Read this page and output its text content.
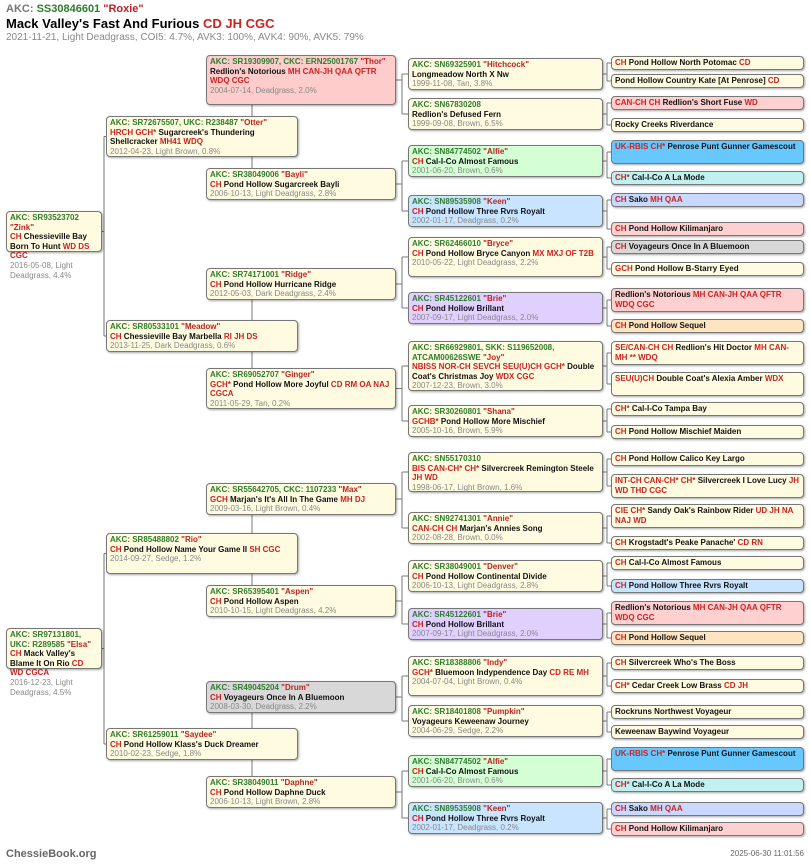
AKC: SS30846601 "Roxie"
Mack Valley's Fast And Furious CD JH CGC
2021-11-21, Light Deadgrass, COI5: 4.7%, AVK3: 100%, AVK4: 90%, AVK5: 79%
AKC: SR93523702 "Zink"
CH Chessieville Bay Born To Hunt WD DS CGC
2016-05-08, Light Deadgrass, 4.4%
AKC: SR72675507, UKC: R238487 "Otter"
HRCH GCH* Sugarcreek's Thundering Shellcracker MH41 WDQ
2012-04-23, Light Brown, 0.8%
AKC: SR19309907, CKC: ERN25001767 "Thor"
Redlion's Notorious MH CAN-JH QAA QFTR WDQ CGC
2004-07-14, Deadgrass, 2.0%
AKC: SN69325901 "Hitchcock"
Longmeadow North X Nw
1999-11-08, Tan, 3.8%
CH Pond Hollow North Potomac CD
Pond Hollow Country Kate [At Penrose] CD
AKC: SN67830208
Redlion's Defused Fern
1999-09-08, Brown, 6.5%
CAN-CH CH Redlion's Short Fuse WD
Rocky Creeks Riverdance
AKC: SR38049006 "Bayli"
CH Pond Hollow Sugarcreek Bayli
2006-10-13, Light Deadgrass, 2.8%
AKC: SN84774502 "Alfie"
CH Cal-I-Co Almost Famous
2001-06-20, Brown, 0.6%
UK-RBIS CH* Penrose Punt Gunner Gamescout
CH* Cal-I-Co A La Mode
AKC: SN89535908 "Keen"
CH Pond Hollow Three Rvrs Royalt
2002-01-17, Deadgrass, 0.2%
CH Sako MH QAA
CH Pond Hollow Kilimanjaro
AKC: SR80533101 "Meadow"
CH Chessieville Bay Marbella RI JH DS
2013-11-25, Dark Deadgrass, 0.6%
AKC: SR74171001 "Ridge"
CH Pond Hollow Hurricane Ridge
2012-05-03, Dark Deadgrass, 2.4%
AKC: SR62466010 "Bryce"
CH Pond Hollow Bryce Canyon MX MXJ OF T2B
2010-05-22, Light Deadgrass, 2.2%
CH Voyageurs Once In A Bluemoon
GCH Pond Hollow B-Starry Eyed
AKC: SR45122601 "Brie"
CH Pond Hollow Brillant
2007-09-17, Light Deadgrass, 2.0%
Redlion's Notorious MH CAN-JH QAA QFTR WDQ CGC
CH Pond Hollow Sequel
AKC: SR69052707 "Ginger"
GCH* Pond Hollow More Joyful CD RM OA NAJ CGCA
2011-05-29, Tan, 0.2%
AKC: SR66929801, SKK: S119652008, ATCAM00626SWE "Joy"
NBISS NOR-CH SEVCH SEU(U)CH GCH* Double Coat's Christmas Joy WDX CGC
2007-12-23, Brown, 3.0%
SE/CAN-CH CH Redlion's Hit Doctor MH CAN-MH ** WDQ
SEU(U)CH Double Coat's Alexia Amber WDX
AKC: SR30260801 "Shana"
GCHB* Pond Hollow More Mischief
2005-10-16, Brown, 5.9%
CH* Cal-I-Co Tampa Bay
CH Pond Hollow Mischief Maiden
AKC: SR97131801, UKC: R289585 "Elsa"
CH Mack Valley's Blame It On Rio CD WD CGCA
2016-12-23, Light Deadgrass, 4.5%
AKC: SR85488802 "Rio"
CH Pond Hollow Name Your Game II SH CGC
2014-09-27, Sedge, 1.2%
AKC: SR55642705, CKC: 1107233 "Max"
GCH Marjan's It's All In The Game MH DJ
2009-03-16, Light Brown, 0.4%
AKC: SN55170310
BIS CAN-CH* CH* Silvercreek Remington Steele JH WD
1998-06-17, Light Brown, 1.6%
CH Pond Hollow Calico Key Largo
INT-CH CAN-CH* CH* Silvercreek I Love Lucy JH WD THD CGC
AKC: SN92741301 "Annie"
CAN-CH CH Marjan's Annies Song
2002-08-28, Brown, 0.0%
CIE CH* Sandy Oak's Rainbow Rider UD JH NA NAJ WD
CH Krogstadt's Peake Panache' CD RN
AKC: SR65395401 "Aspen"
CH Pond Hollow Aspen
2010-10-15, Light Deadgrass, 4.2%
AKC: SR38049001 "Denver"
CH Pond Hollow Continental Divide
2006-10-13, Light Deadgrass, 2.8%
CH Cal-I-Co Almost Famous
CH Pond Hollow Three Rvrs Royalt
AKC: SR45122601 "Brie"
CH Pond Hollow Brillant
2007-09-17, Light Deadgrass, 2.0%
Redlion's Notorious MH CAN-JH QAA QFTR WDQ CGC
CH Pond Hollow Sequel
AKC: SR61259011 "Saydee"
CH Pond Hollow Klass's Duck Dreamer
2010-02-23, Sedge, 1.8%
AKC: SR49045204 "Drum"
CH Voyageurs Once In A Bluemoon
2008-03-30, Deadgrass, 2.2%
AKC: SR18388806 "Indy"
GCH* Bluemoon Indypendence Day CD RE MH
2004-07-04, Light Brown, 0.4%
CH Silvercreek Who's The Boss
CH* Cedar Creek Low Brass CD JH
AKC: SR18401808 "Pumpkin"
Voyageurs Keweenaw Journey
2004-06-29, Sedge, 2.2%
Rockruns Northwest Voyageur
Keweenaw Baywind Voyageur
AKC: SR38049011 "Daphne"
CH Pond Hollow Daphne Duck
2006-10-13, Light Brown, 2.8%
AKC: SN84774502 "Alfie"
CH Cal-I-Co Almost Famous
2001-06-20, Brown, 0.6%
UK-RBIS CH* Penrose Punt Gunner Gamescout
CH* Cal-I-Co A La Mode
AKC: SN89535908 "Keen"
CH Pond Hollow Three Rvrs Royalt
2002-01-17, Deadgrass, 0.2%
CH Sako MH QAA
CH Pond Hollow Kilimanjaro
ChessieBook.org	2025-06-30 11:01:56
